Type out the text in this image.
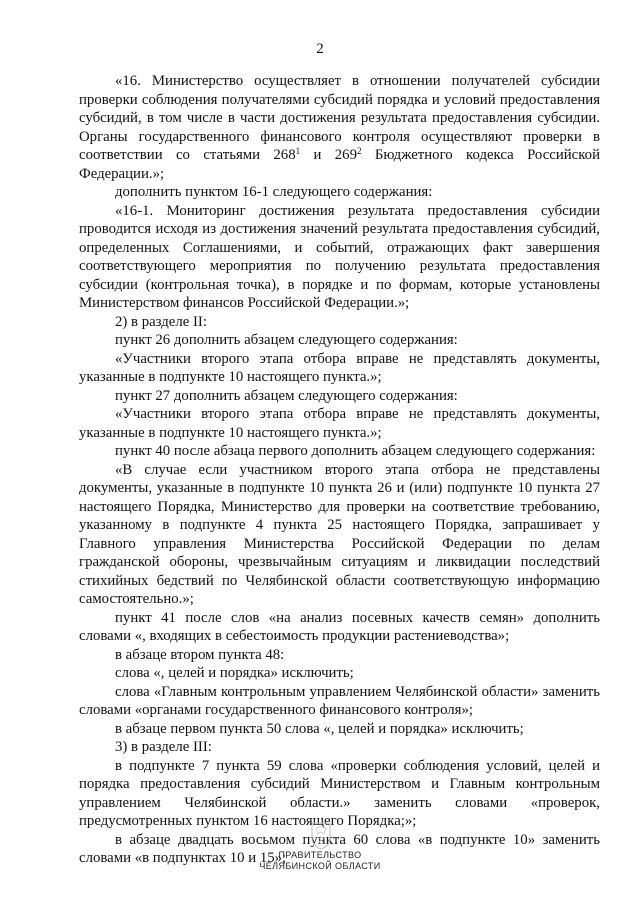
2

«16. Министерство осуществляет в отношении получателей субсидии проверки соблюдения получателями субсидий порядка и условий предоставления субсидий, в том числе в части достижения результата предоставления субсидии. Органы государственного финансового контроля осуществляют проверки в соответствии со статьями $268^1$ и $269^2$ Бюджетного кодекса Российской Федерации.»;

дополнить пунктом 16-1 следующего содержания:

«16-1. Мониторинг достижения результата предоставления субсидии проводится исходя из достижения значений результата предоставления субсидий, определенных Соглашениями, и событий, отражающих факт завершения соответствующего мероприятия по получению результата предоставления субсидии (контрольная точка), в порядке и по формам, которые установлены Министерством финансов Российской Федерации.»;

2) в разделе II:

пункт 26 дополнить абзацем следующего содержания:

«Участники второго этапа отбора вправе не представлять документы, указанные в подпункте 10 настоящего пункта.»;

пункт 27 дополнить абзацем следующего содержания:

«Участники второго этапа отбора вправе не представлять документы, указанные в подпункте 10 настоящего пункта.»;

пункт 40 после абзаца первого дополнить абзацем следующего содержания:

«В случае если участником второго этапа отбора не представлены документы, указанные в подпункте 10 пункта 26 и (или) подпункте 10 пункта 27 настоящего Порядка, Министерство для проверки на соответствие требованию, указанному в подпункте 4 пункта 25 настоящего Порядка, запрашивает у Главного управления Министерства Российской Федерации по делам гражданской обороны, чрезвычайным ситуациям и ликвидации последствий стихийных бедствий по Челябинской области соответствующую информацию самостоятельно.»;

пункт 41 после слов «на анализ посевных качеств семян» дополнить словами «, входящих в себестоимость продукции растениеводства»;

в абзаце втором пункта 48:

слова «, целей и порядка» исключить;

слова «Главным контрольным управлением Челябинской области» заменить словами «органами государственного финансового контроля»;

в абзаце первом пункта 50 слова «, целей и порядка» исключить;

3) в разделе III:

в подпункте 7 пункта 59 слова «проверки соблюдения условий, целей и порядка предоставления субсидий Министерством и Главным контрольным управлением Челябинской области.» заменить словами «проверок, предусмотренных пунктом 16 настоящего Порядка;»;

в абзаце двадцать восьмом пункта 60 слова «в подпункте 10» заменить словами «в подпунктах 10 и 15»;

ПРАВИТЕЛЬСТВО
ЧЕЛЯБИНСКОЙ ОБЛАСТИ
